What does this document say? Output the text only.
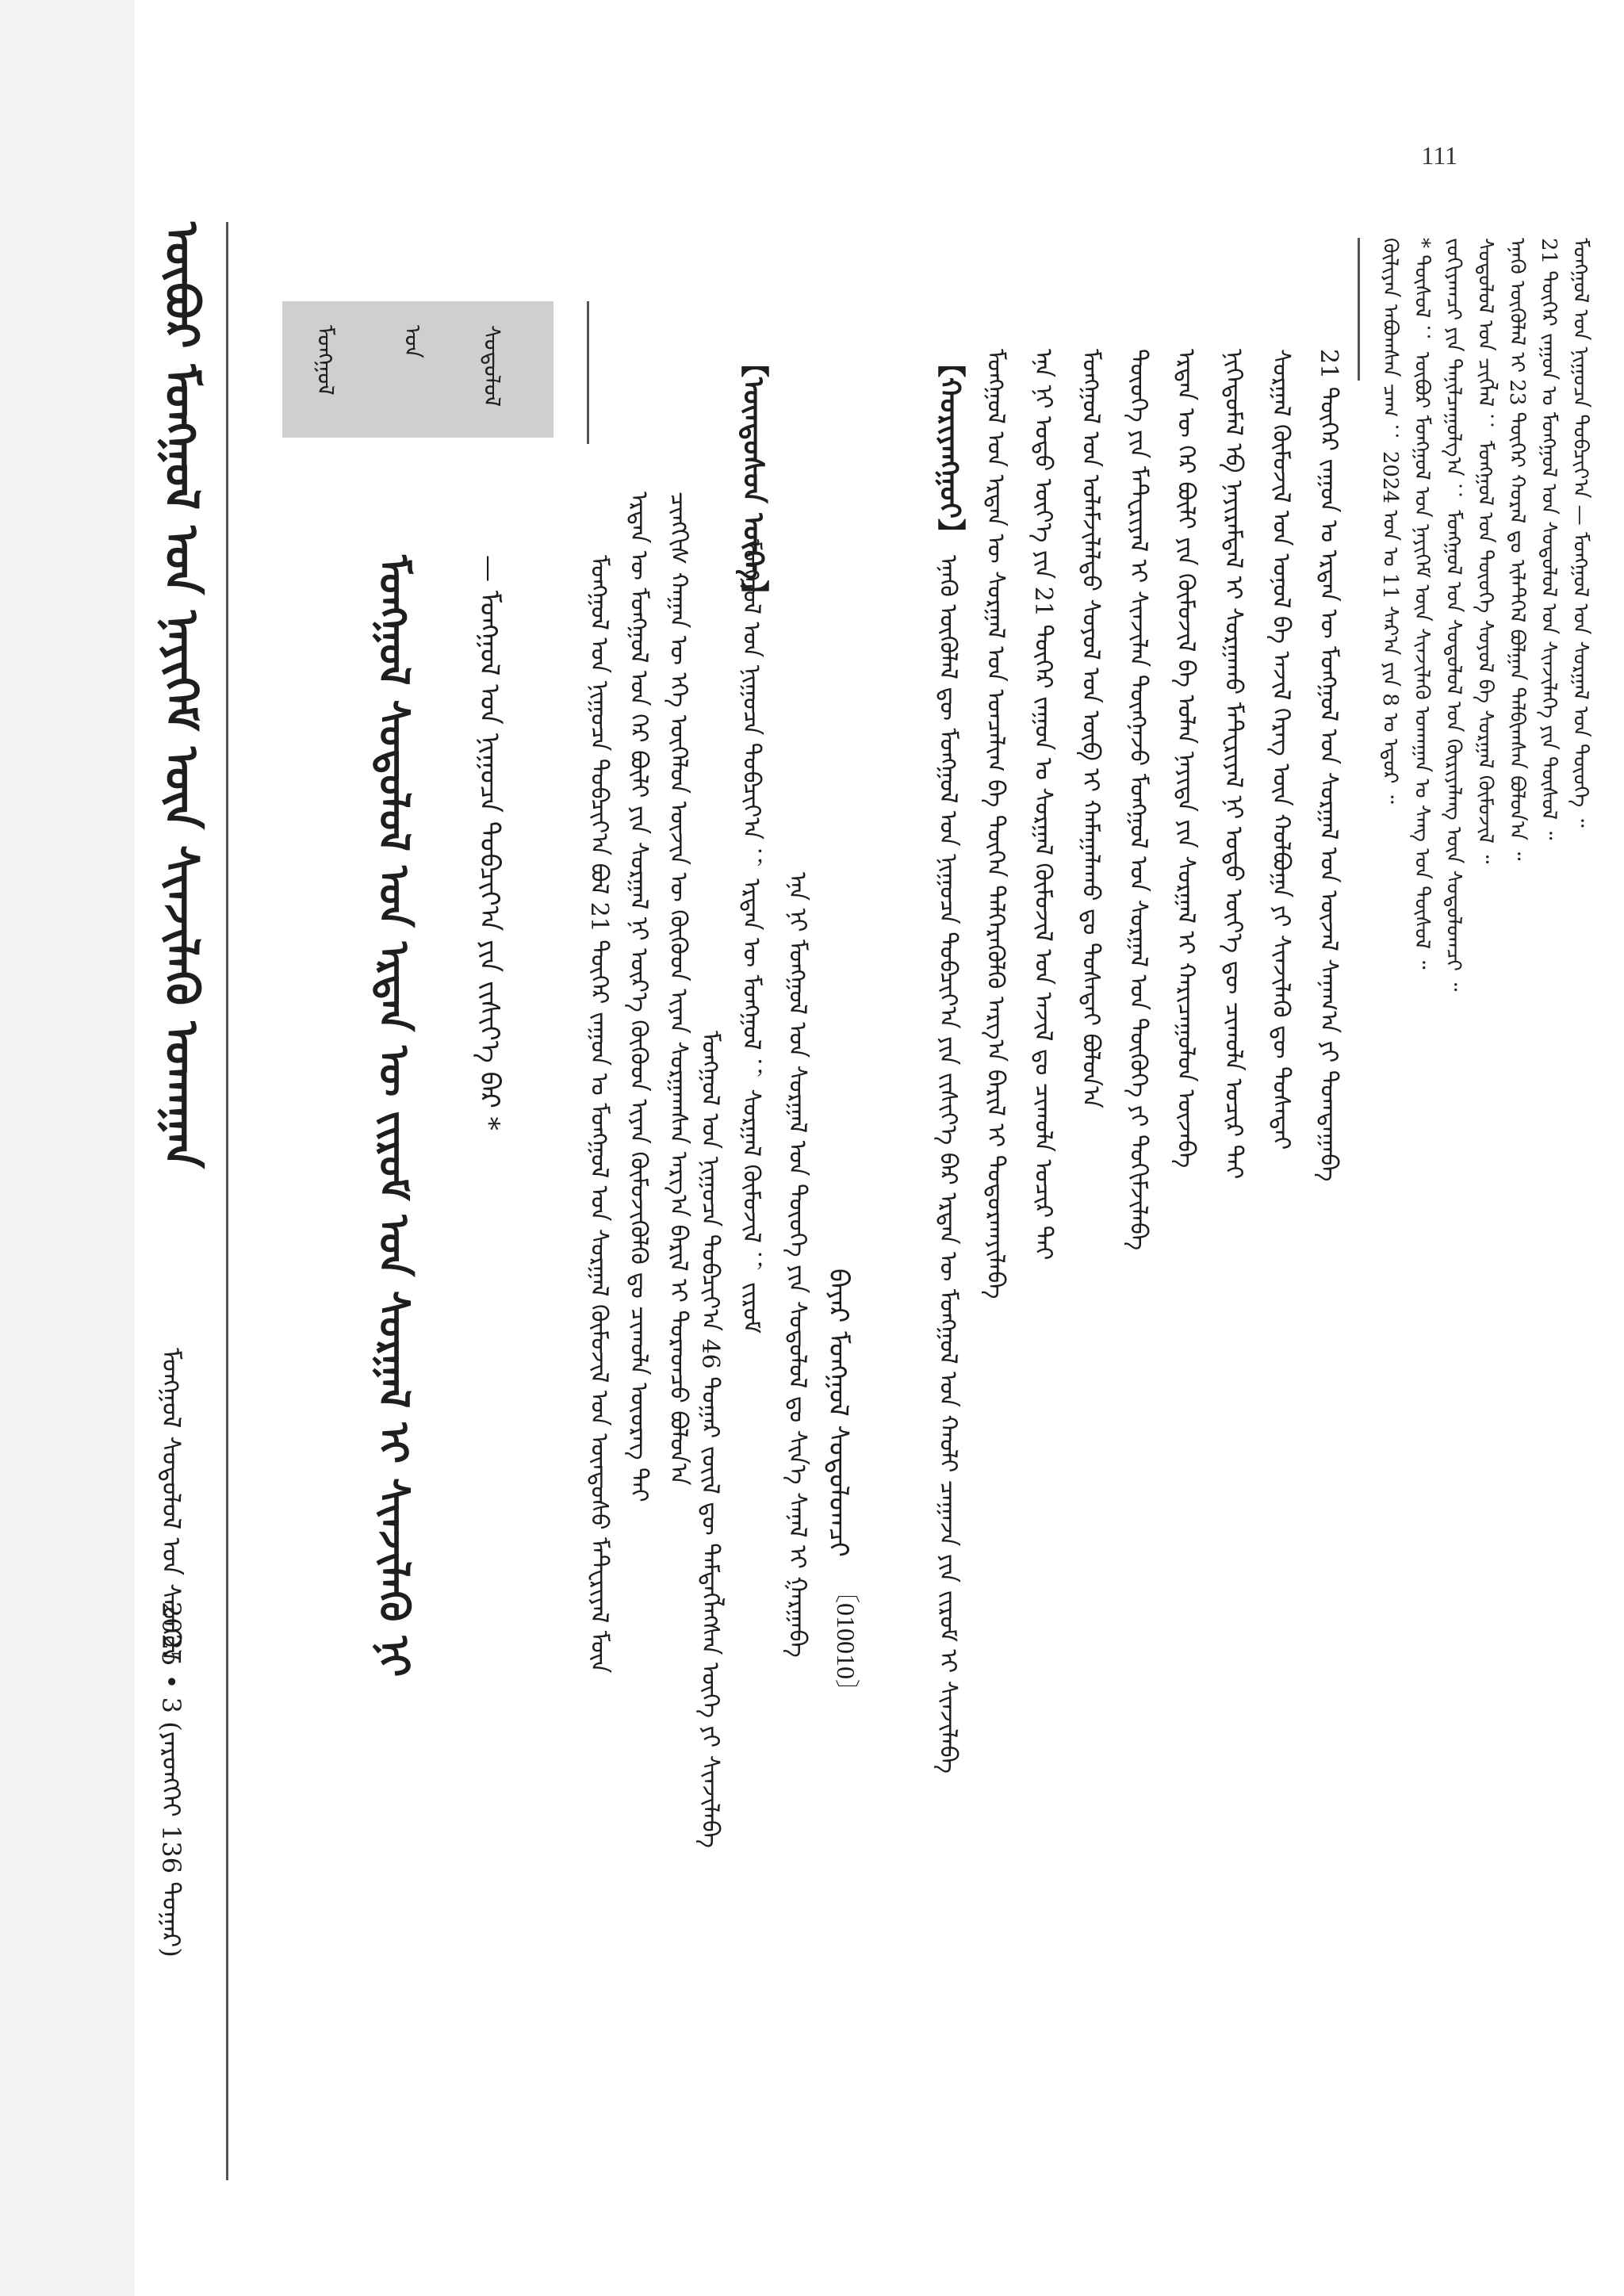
111
ᠥᠪᠥᠷ ᠮᠣᠩᠭ᠋ᠣᠯ ᠤᠨ ᠨᠡᠶᠢᠭᠡᠮ ᠦᠨ ᠰᠢᠨᠵᠢᠯᠡᠬᠦ ᠤᠬᠠᠭᠠᠨ
ᠮᠣᠩᠭ᠋ᠣᠯ ᠰᠤᠳᠤᠯᠤᠯ ᠤᠨ ᠰᠡᠳᠭᠦᠯ
2025 • 3 (ᠶᠡᠷᠦᠩᠬᠡᠢ 136 ᠳᠤᠭᠠᠷ)
ᠮᠣᠩᠭ᠋ᠣᠯ	ᠤᠨ ᠰᠤᠳᠤᠯᠤᠯ
ᠮᠣᠩᠭ᠋ᠣᠯ ᠰᠤᠳᠤᠯᠤᠯ ᠤᠨ ᠡᠷᠲᠡᠨ ᠦ ᠵᠢᠷᠤᠮ ᠤᠨ ᠰᠤᠷᠭᠠᠯ ᠢ ᠰᠢᠨᠵᠢᠯᠡᠬᠦ ᠨᠢ — ᠮᠣᠩᠭ᠋ᠣᠯ ᠤᠨ ᠨᠢᠭᠤᠴᠠ ᠲᠣᠪᠴᠢᠶ᠎ᠠ ᠶᠢᠨ ᠵᠢᠱᠢᠶ᠎ᠡ ᠪᠡᠷ *
ᠪᠠᠶᠠᠷ ᠮᠣᠩᠭ᠋ᠣᠯ ᠰᠤᠳᠤᠯᠤᠭᠴᠢ
〔010010〕
【ᠬᠤᠷᠢᠶᠠᠩᠭᠤᠢ】
ᠡᠨᠡᠬᠦ ᠥᠭᠦᠯᠡᠯ ᠳᠦ ᠮᠣᠩᠭ᠋ᠣᠯ ᠤᠨ ᠨᠢᠭᠤᠴᠠ ᠲᠣᠪᠴᠢᠶ᠎ᠠ ᠶᠢᠨ ᠵᠢᠱᠢᠶ᠎ᠡ ᠪᠡᠷ ᠡᠷᠲᠡᠨ ᠦ ᠮᠣᠩᠭ᠋ᠣᠯ ᠤᠨ ᠬᠠᠤᠯᠢ ᠴᠠᠭᠠᠵᠠ ᠶᠢᠨ ᠵᠢᠷᠤᠮ ᠢ ᠰᠢᠨᠵᠢᠯᠡᠪᠡ ᠮᠣᠩᠭ᠋ᠣᠯ ᠤᠨ ᠡᠷᠲᠡᠨ ᠦ ᠰᠤᠷᠭᠠᠯ ᠤᠨ ᠣᠨᠴᠠᠯᠢᠭ ᠪᠠ ᠲᠦᠭᠡᠨ ᠳᠡᠯᠭᠡᠷᠡᠭᠦᠯᠬᠦ ᠠᠷᠭ᠎ᠠ ᠪᠠᠷᠢᠯ ᠢ ᠲᠣᠳᠣᠷᠬᠠᠶᠢᠯᠠᠪᠠ ᠡᠨᠡ ᠨᠢ ᠣᠳᠣ ᠦᠶ᠎ᠡ ᠶᠢᠨ 21 ᠳᠦᠭᠡᠷ ᠵᠠᠭᠤᠨ ᠤ ᠰᠤᠷᠭᠠᠯ ᠬᠦᠮᠦᠵᠢᠯ ᠤᠨ ᠠᠵᠢᠯ ᠳᠤ ᠴᠢᠬᠤᠯᠠ ᠤᠴᠢᠷ ᠲᠠᠢ ᠮᠣᠩᠭ᠋ᠣᠯ ᠤᠨ ᠤᠯᠠᠮᠵᠢᠯᠠᠯᠲᠤ ᠰᠣᠶᠣᠯ ᠤᠨ ᠥᠪ ᠢ ᠬᠠᠮᠠᠭᠠᠯᠠᠬᠤ ᠳᠤ ᠲᠤᠰᠠᠲᠠᠢ ᠪᠣᠯᠤᠨ᠎ᠠ ᠲᠦᠦᠬᠡ ᠶᠢᠨ ᠮᠠᠲ᠋ᠧᠷᠢᠶᠠᠯ ᠢ ᠰᠢᠨᠵᠢᠯᠡᠨ ᠳᠦᠩᠨᠡᠵᠦ ᠮᠣᠩᠭ᠋ᠣᠯ ᠤᠨ ᠰᠤᠷᠭᠠᠯ ᠤᠨ ᠲᠦᠭᠦᠬᠡ ᠶᠢ ᠲᠣᠭᠢᠮᠵᠢᠯᠠᠪᠠ ᠡᠷᠲᠡᠨ ᠦ ᠭᠡᠷ ᠪᠦᠯᠢ ᠶᠢᠨ ᠬᠦᠮᠦᠵᠢᠯ ᠪᠠ ᠣᠯᠠᠨ ᠨᠡᠶᠢᠲᠡ ᠶᠢᠨ ᠰᠤᠷᠭᠠᠯ ᠢ ᠬᠠᠷᠢᠴᠠᠭᠤᠯᠤᠨ ᠦᠵᠡᠪᠡ
【ᠦᠨᠳᠦᠰᠦᠨ ᠦᠭᠡ】
ᠮᠣᠩᠭ᠋ᠣᠯ ᠤᠨ ᠨᠢᠭᠤᠴᠠ ᠲᠣᠪᠴᠢᠶ᠎ᠠ ； ᠡᠷᠲᠡᠨ ᠦ ᠮᠣᠩᠭ᠋ᠣᠯ ； ᠰᠤᠷᠭᠠᠯ ᠬᠦᠮᠦᠵᠢᠯ ； ᠵᠢᠷᠤᠮ
ᠮᠣᠩᠭ᠋ᠣᠯ ᠤᠨ ᠨᠢᠭᠤᠴᠠ ᠲᠣᠪᠴᠢᠶ᠎ᠠ ᠪᠣᠯ 21 ᠳᠦᠭᠡᠷ ᠵᠠᠭᠤᠨ ᠤ ᠮᠣᠩᠭ᠋ᠣᠯ ᠤᠨ ᠰᠤᠷᠭᠠᠯ ᠬᠦᠮᠦᠵᠢᠯ ᠤᠨ ᠦᠨᠳᠦᠰᠦ ᠮᠠᠲ᠋ᠧᠷᠢᠶᠠᠯ ᠮᠥᠨ ᠡᠷᠲᠡᠨ ᠦ ᠮᠣᠩᠭ᠋ᠣᠯ ᠤᠨ ᠭᠡᠷ ᠪᠦᠯᠢ ᠶᠢᠨ ᠰᠤᠷᠭᠠᠯ ᠨᠢ ᠦᠷ᠎ᠡ ᠬᠦᠬᠦᠳ ᠢᠶᠡᠨ ᠬᠦᠮᠦᠵᠢᠭᠦᠯᠬᠦ ᠳᠤ ᠴᠢᠬᠤᠯᠠ ᠦᠦᠷᠡᠭ ᠲᠠᠢ ᠴᠢᠩᠭᠢᠰ ᠬᠠᠭᠠᠨ ᠦ ᠡᠬᠡ ᠥᠭᠡᠯᠦᠨ ᠦᠵᠢᠨ ᠦ ᠬᠦᠬᠦᠳ ᠢᠶᠡᠨ ᠰᠤᠷᠭᠠᠭᠰᠠᠨ ᠠᠷᠭ᠎ᠠ ᠪᠠᠷᠢᠯ ᠢ ᠳᠤᠷᠠᠳᠴᠤ ᠪᠣᠯᠤᠨ᠎ᠠ	ᠨᠢᠭᠡᠳᠦᠮᠡᠯ ᠡᠪ ᠨᠠᠶᠢᠷᠠᠮᠳᠠᠯ ᠢ ᠰᠤᠷᠭᠠᠬᠤ ᠮᠠᠲ᠋ᠧᠷᠢᠶᠠᠯ ᠨᠢ ᠣᠳᠣ ᠦᠶ᠎ᠡ ᠳᠦ ᠴᠢᠬᠤᠯᠠ ᠤᠴᠢᠷ ᠲᠠᠢ ᠰᠤᠷᠭᠠᠯ ᠬᠦᠮᠦᠵᠢᠯ ᠤᠨ ᠣᠨᠣᠯ ᠪᠠ ᠠᠵᠢᠯ ᠬᠡᠷᠡᠭ ᠦᠨ ᠬᠣᠯᠪᠣᠭᠠ ᠶᠢ ᠰᠢᠨᠵᠢᠯᠡᠬᠦ ᠳᠦ ᠲᠤᠰᠠᠲᠠᠢ 21 ᠳᠦᠭᠡᠷ ᠵᠠᠭᠤᠨ ᠤ ᠡᠷᠲᠡᠨ ᠦ ᠮᠣᠩᠭ᠋ᠣᠯ ᠤᠨ ᠰᠤᠷᠭᠠᠯ ᠤᠨ ᠦᠵᠡᠯ ᠰᠠᠨᠠᠭ᠎ᠠ ᠶᠢ ᠲᠣᠭᠲᠠᠭᠠᠪᠠ
ᠡᠨᠡ ᠨᠢ ᠮᠣᠩᠭ᠋ᠣᠯ ᠤᠨ ᠰᠤᠷᠭᠠᠯ ᠤᠨ ᠲᠦᠦᠬᠡ ᠶᠢᠨ ᠰᠤᠳᠤᠯᠤᠯ ᠳᠤ ᠰᠢᠨ᠎ᠡ ᠰᠠᠨᠠᠯ ᠢ ᠭᠠᠷᠭᠠᠪᠠ
ᠮᠣᠩᠭ᠋ᠣᠯ ᠤᠨ ᠨᠢᠭᠤᠴᠠ ᠲᠣᠪᠴᠢᠶ᠎ᠠ 46 ᠳᠤᠭᠠᠷ ᠵᠦᠢᠯ ᠳᠦ ᠲᠡᠮᠳᠡᠭᠯᠡᠭᠰᠡᠨ ᠦᠭᠡ ᠶᠢ ᠰᠢᠨᠵᠢᠯᠡᠪᠡ
ᠬᠦᠯᠢᠶᠡᠨ ᠠᠪᠤᠭᠰᠠᠨ ᠴᠠᠭ ： 2024 ᠣᠨ ᠤ 11 ᠰᠠᠷ᠎ᠠ ᠶᠢᠨ 8 ᠤ ᠡᠳᠦᠷ ᠃ * ᠲᠥᠰᠦᠯ ： ᠥᠪᠥᠷ ᠮᠣᠩᠭ᠋ᠣᠯ ᠤᠨ ᠨᠡᠶᠢᠭᠡᠮ ᠦᠨ ᠰᠢᠨᠵᠢᠯᠡᠬᠦ ᠤᠬᠠᠭᠠᠨ ᠤ ᠰᠠᠩ ᠤᠨ ᠲᠥᠰᠦᠯ ᠃ ᠵᠣᠬᠢᠶᠠᠭᠴᠢ ᠶᠢᠨ ᠲᠠᠨᠢᠯᠴᠠᠭᠤᠯᠭ᠎ᠠ ： ᠮᠣᠩᠭ᠋ᠣᠯ ᠤᠨ ᠰᠤᠳᠤᠯᠤᠯ ᠤᠨ ᠬᠦᠷᠢᠶᠡᠯᠡᠩ ᠦᠨ ᠰᠤᠳᠤᠯᠤᠭᠴᠢ ᠃ ᠰᠤᠳᠤᠯᠤᠯ ᠤᠨ ᠴᠢᠭᠯᠡᠯ ： ᠮᠣᠩᠭ᠋ᠣᠯ ᠤᠨ ᠲᠦᠦᠬᠡ ᠰᠣᠶᠣᠯ ᠪᠠ ᠰᠤᠷᠭᠠᠯ ᠬᠦᠮᠦᠵᠢᠯ ᠃ ᠡᠨᠡᠬᠦ ᠥᠭᠦᠯᠡᠯ ᠢ 23 ᠳᠦᠭᠡᠷ ᠬᠤᠷᠠᠯ ᠳᠤ ᠢᠯᠡᠲᠭᠡᠯ ᠪᠣᠯᠭᠠᠨ ᠲᠠᠯᠪᠢᠭᠰᠠᠨ ᠪᠣᠯᠤᠨ᠎ᠠ ᠃ 21 ᠳᠦᠭᠡᠷ ᠵᠠᠭᠤᠨ ᠤ ᠮᠣᠩᠭ᠋ᠣᠯ ᠤᠨ ᠰᠤᠳᠤᠯᠤᠯ ᠤᠨ ᠰᠢᠨᠵᠢᠯᠡᠭᠡ ᠶᠢᠨ ᠲᠥᠰᠦᠯ ᠃ ᠮᠣᠩᠭ᠋ᠣᠯ ᠤᠨ ᠨᠢᠭᠤᠴᠠ ᠲᠣᠪᠴᠢᠶ᠎ᠠ — ᠮᠣᠩᠭ᠋ᠣᠯ ᠤᠨ ᠰᠤᠷᠭᠠᠯ ᠤᠨ ᠲᠦᠦᠬᠡ ᠃
